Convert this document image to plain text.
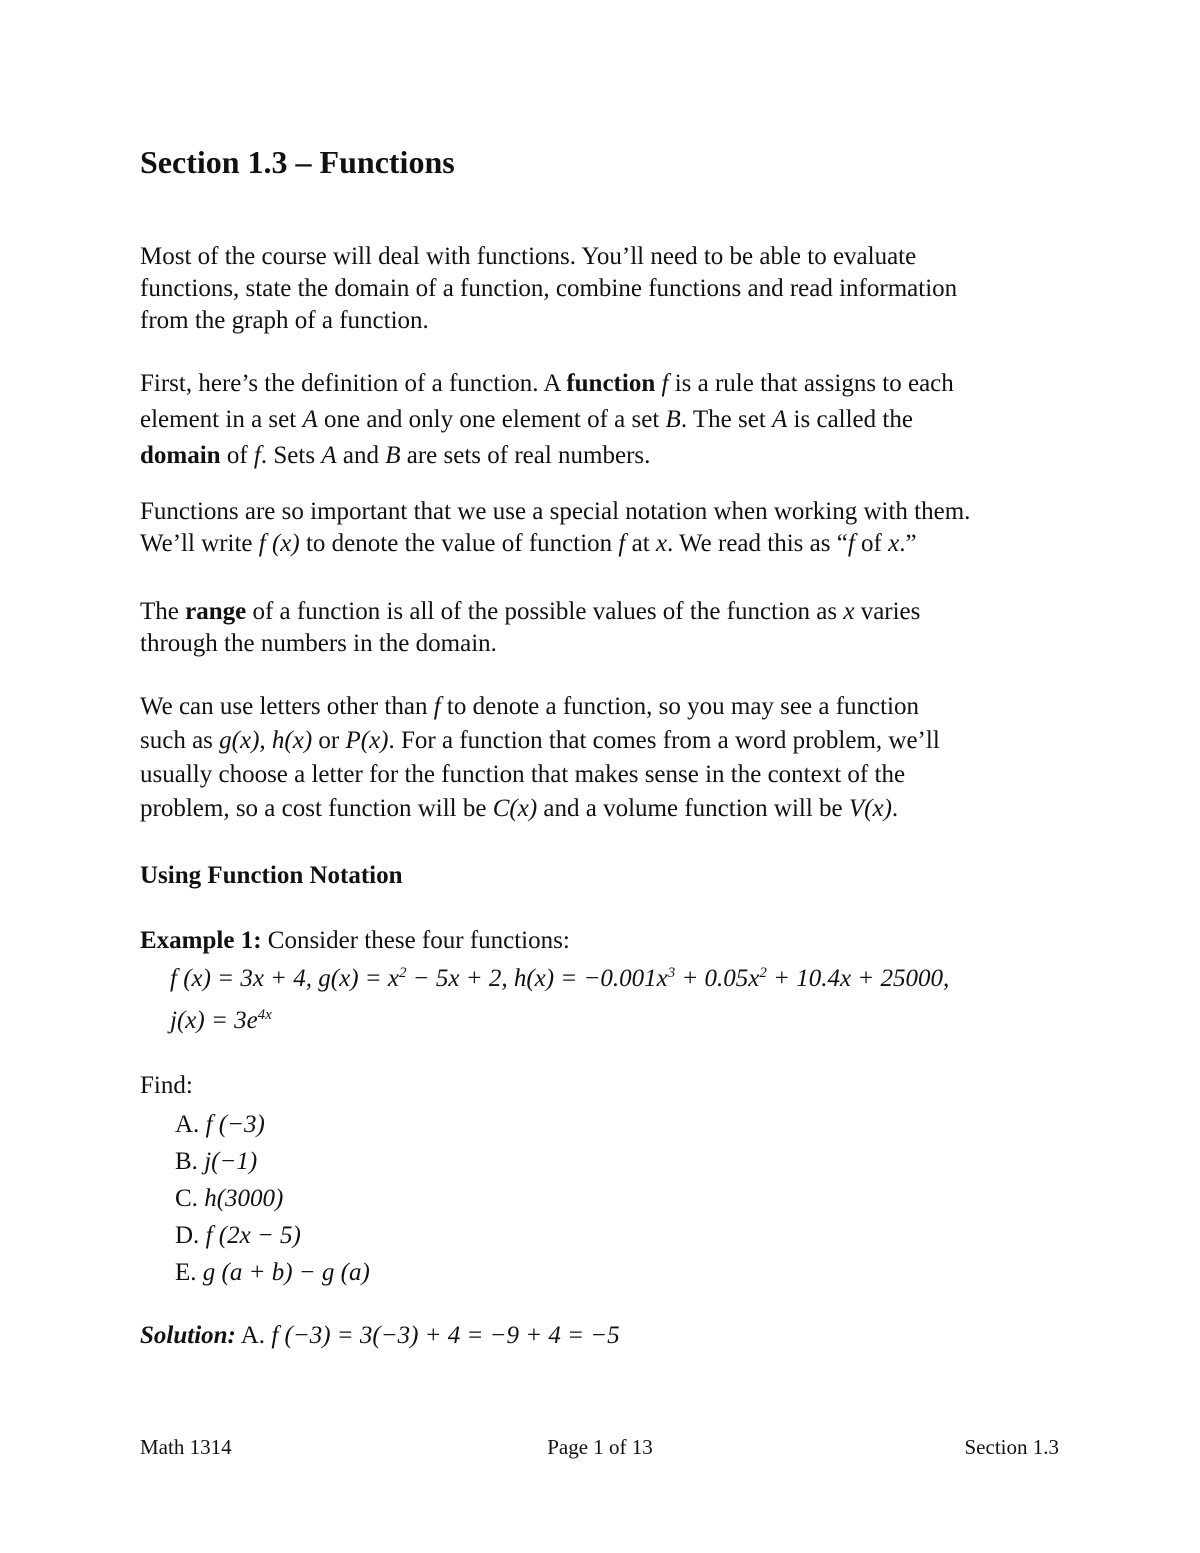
Section 1.3 – Functions

Most of the course will deal with functions. You’ll need to be able to evaluate
functions, state the domain of a function, combine functions and read information
from the graph of a function.

First, here’s the definition of a function. A function f is a rule that assigns to each
element in a set A one and only one element of a set B. The set A is called the
domain of f. Sets A and B are sets of real numbers.

Functions are so important that we use a special notation when working with them.
We’ll write f (x) to denote the value of function f at x. We read this as “f of x.”

The range of a function is all of the possible values of the function as x varies
through the numbers in the domain.

We can use letters other than f to denote a function, so you may see a function
such as g(x), h(x) or P(x). For a function that comes from a word problem, we’ll
usually choose a letter for the function that makes sense in the context of the
problem, so a cost function will be C(x) and a volume function will be V(x).

Using Function Notation

Example 1: Consider these four functions:
f (x) = 3x + 4, $g(x) = x^2 - 5x + 2$, $h(x) = -0.001x^3 + 0.05x^2 + 10.4x + 25000$,
$j(x) = 3e^{4x}$

Find:

A. f (−3)
B. j(−1)
C. h(3000)
D. f (2x − 5)
E. g (a + b) − g (a)

Solution: A. f (−3) = 3(−3) + 4 = −9 + 4 = −5

Math 1314	Page 1 of 13	Section 1.3
